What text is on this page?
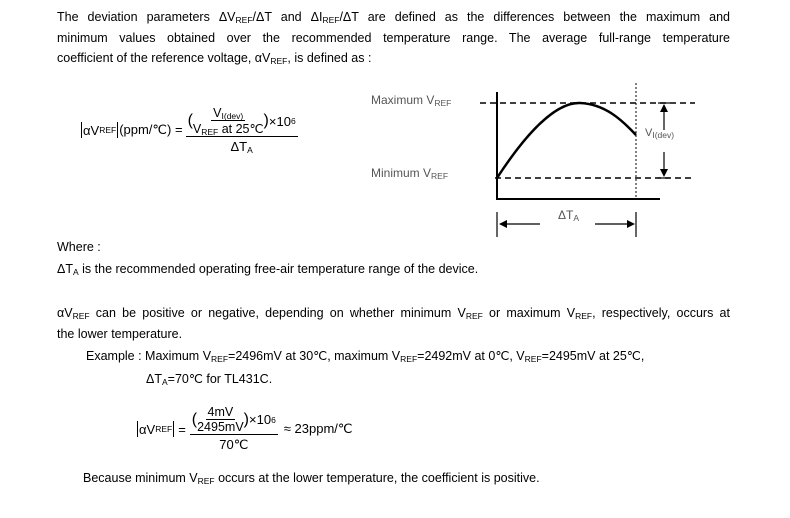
The deviation parameters $\Delta V_{REF}/\Delta T$ and $\Delta I_{REF}/\Delta T$ are defined as the differences between the maximum and
minimum values obtained over the recommended temperature range. The average full-range temperature
coefficient of the reference voltage, $\alpha V_{REF}$, is defined as :
αV REF (ppm/℃) =
( $\frac{V_{I(dev)}}{V_{REF} at 25℃}$ ) ×10 6
$\Delta T_A$
Maximum $V_{REF}$
Minimum $V_{REF}$
$V_{I(dev)}$
$\Delta T_A$
Where :
$\Delta T_A$ is the recommended operating free-air temperature range of the device.
$\alpha V_{REF}$ can be positive or negative, depending on whether minimum $V_{REF}$ or maximum $V_{REF}$, respectively, occurs at
the lower temperature.
Example : Maximum $V_{REF}=2496mV$ at 30℃, maximum $V_{REF}=2492mV$ at 0℃, $V_{REF}=2495mV$ at 25℃,
$\Delta T_A=70℃$ for TL431C.
αV REF =
( $\frac{4mV}{2495mV}$ ) ×10 6
70℃
≈ 23ppm/℃
Because minimum $V_{REF}$ occurs at the lower temperature, the coefficient is positive.
